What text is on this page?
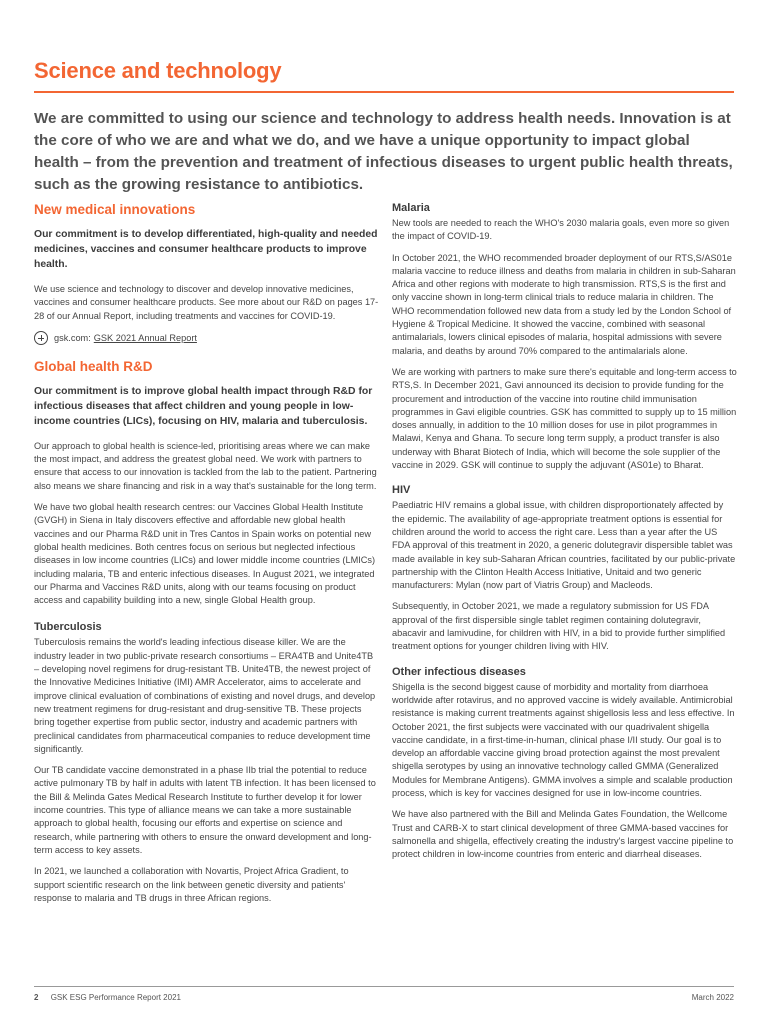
Science and technology

We are committed to using our science and technology to address health needs. Innovation is at the core of who we are and what we do, and we have a unique opportunity to impact global health – from the prevention and treatment of infectious diseases to urgent public health threats, such as the growing resistance to antibiotics.

New medical innovations

Our commitment is to develop differentiated, high-quality and needed medicines, vaccines and consumer healthcare products to improve health.

We use science and technology to discover and develop innovative medicines, vaccines and consumer healthcare products. See more about our R&D on pages 17-28 of our Annual Report, including treatments and vaccines for COVID-19.

gsk.com: GSK 2021 Annual Report
Global health R&D

Our commitment is to improve global health impact through R&D for infectious diseases that affect children and young people in low-income countries (LICs), focusing on HIV, malaria and tuberculosis.

Our approach to global health is science-led, prioritising areas where we can make the most impact, and address the greatest global need. We work with partners to ensure that access to our innovation is tackled from the lab to the patient. Partnering also means we share financing and risk in a way that's sustainable for the long term.

We have two global health research centres: our Vaccines Global Health Institute (GVGH) in Siena in Italy discovers effective and affordable new global health vaccines and our Pharma R&D unit in Tres Cantos in Spain works on potential new global health medicines. Both centres focus on serious but neglected infectious diseases in low income countries (LICs) and lower middle income countries (LMICs) including malaria, TB and enteric infectious diseases. In August 2021, we integrated our Pharma and Vaccines R&D units, along with our teams focusing on product access and capability building into a new, single Global Health group.

Tuberculosis

Tuberculosis remains the world's leading infectious disease killer. We are the industry leader in two public-private research consortiums – ERA4TB and Unite4TB – developing novel regimens for drug-resistant TB. Unite4TB, the newest project of the Innovative Medicines Initiative (IMI) AMR Accelerator, aims to accelerate and improve clinical evaluation of combinations of existing and novel drugs, and develop new treatment regimens for drug-resistant and drug-sensitive TB. These projects bring together expertise from public sector, industry and academic partners with preclinical candidates from pharmaceutical companies to reduce development time significantly.

Our TB candidate vaccine demonstrated in a phase IIb trial the potential to reduce active pulmonary TB by half in adults with latent TB infection. It has been licensed to the Bill & Melinda Gates Medical Research Institute to further develop it for lower income countries. This type of alliance means we can take a more sustainable approach to global health, focusing our efforts and expertise on science and research, while partnering with others to ensure the onward development and long-term access to key assets.

In 2021, we launched a collaboration with Novartis, Project Africa Gradient, to support scientific research on the link between genetic diversity and patients' response to malaria and TB drugs in three African regions.

Malaria

New tools are needed to reach the WHO's 2030 malaria goals, even more so given the impact of COVID-19.

In October 2021, the WHO recommended broader deployment of our RTS,S/AS01e malaria vaccine to reduce illness and deaths from malaria in children in sub-Saharan Africa and other regions with moderate to high transmission. RTS,S is the first and only vaccine shown in long-term clinical trials to reduce malaria in children. The WHO recommendation followed new data from a study led by the London School of Hygiene & Tropical Medicine. It showed the vaccine, combined with seasonal antimalarials, lowers clinical episodes of malaria, hospital admissions with severe malaria, and deaths by around 70% compared to the antimalarials alone.

We are working with partners to make sure there's equitable and long-term access to RTS,S. In December 2021, Gavi announced its decision to provide funding for the procurement and introduction of the vaccine into routine child immunisation programmes in Gavi eligible countries. GSK has committed to supply up to 15 million doses annually, in addition to the 10 million doses for use in pilot programmes in Malawi, Kenya and Ghana. To secure long term supply, a product transfer is also underway with Bharat Biotech of India, which will become the sole supplier of the vaccine in 2029. GSK will continue to supply the adjuvant (AS01e) to Bharat.

HIV

Paediatric HIV remains a global issue, with children disproportionately affected by the epidemic. The availability of age-appropriate treatment options is essential for children around the world to access the right care. Less than a year after the US FDA approval of this treatment in 2020, a generic dolutegravir dispersible tablet was made available in key sub-Saharan African countries, facilitated by our public-private partnership with the Clinton Health Access Initiative, Unitaid and two generic manufacturers: Mylan (now part of Viatris Group) and Macleods.

Subsequently, in October 2021, we made a regulatory submission for US FDA approval of the first dispersible single tablet regimen containing dolutegravir, abacavir and lamivudine, for children with HIV, in a bid to provide further simplified treatment options for younger children living with HIV.

Other infectious diseases

Shigella is the second biggest cause of morbidity and mortality from diarrhoea worldwide after rotavirus, and no approved vaccine is widely available. Antimicrobial resistance is making current treatments against shigellosis less and less effective. In October 2021, the first subjects were vaccinated with our quadrivalent shigella vaccine candidate, in a first-time-in-human, clinical phase I/II study. Our goal is to develop an affordable vaccine giving broad protection against the most prevalent shigella serotypes by using an innovative technology called GMMA (Generalized Modules for Membrane Antigens). GMMA involves a simple and scalable production process, which is key for vaccines designed for use in low-income countries.

We have also partnered with the Bill and Melinda Gates Foundation, the Wellcome Trust and CARB-X to start clinical development of three GMMA-based vaccines for salmonella and shigella, effectively creating the industry's largest vaccine pipeline to protect children in low-income countries from enteric and diarrheal diseases.

2 GSK ESG Performance Report 2021	March 2022
